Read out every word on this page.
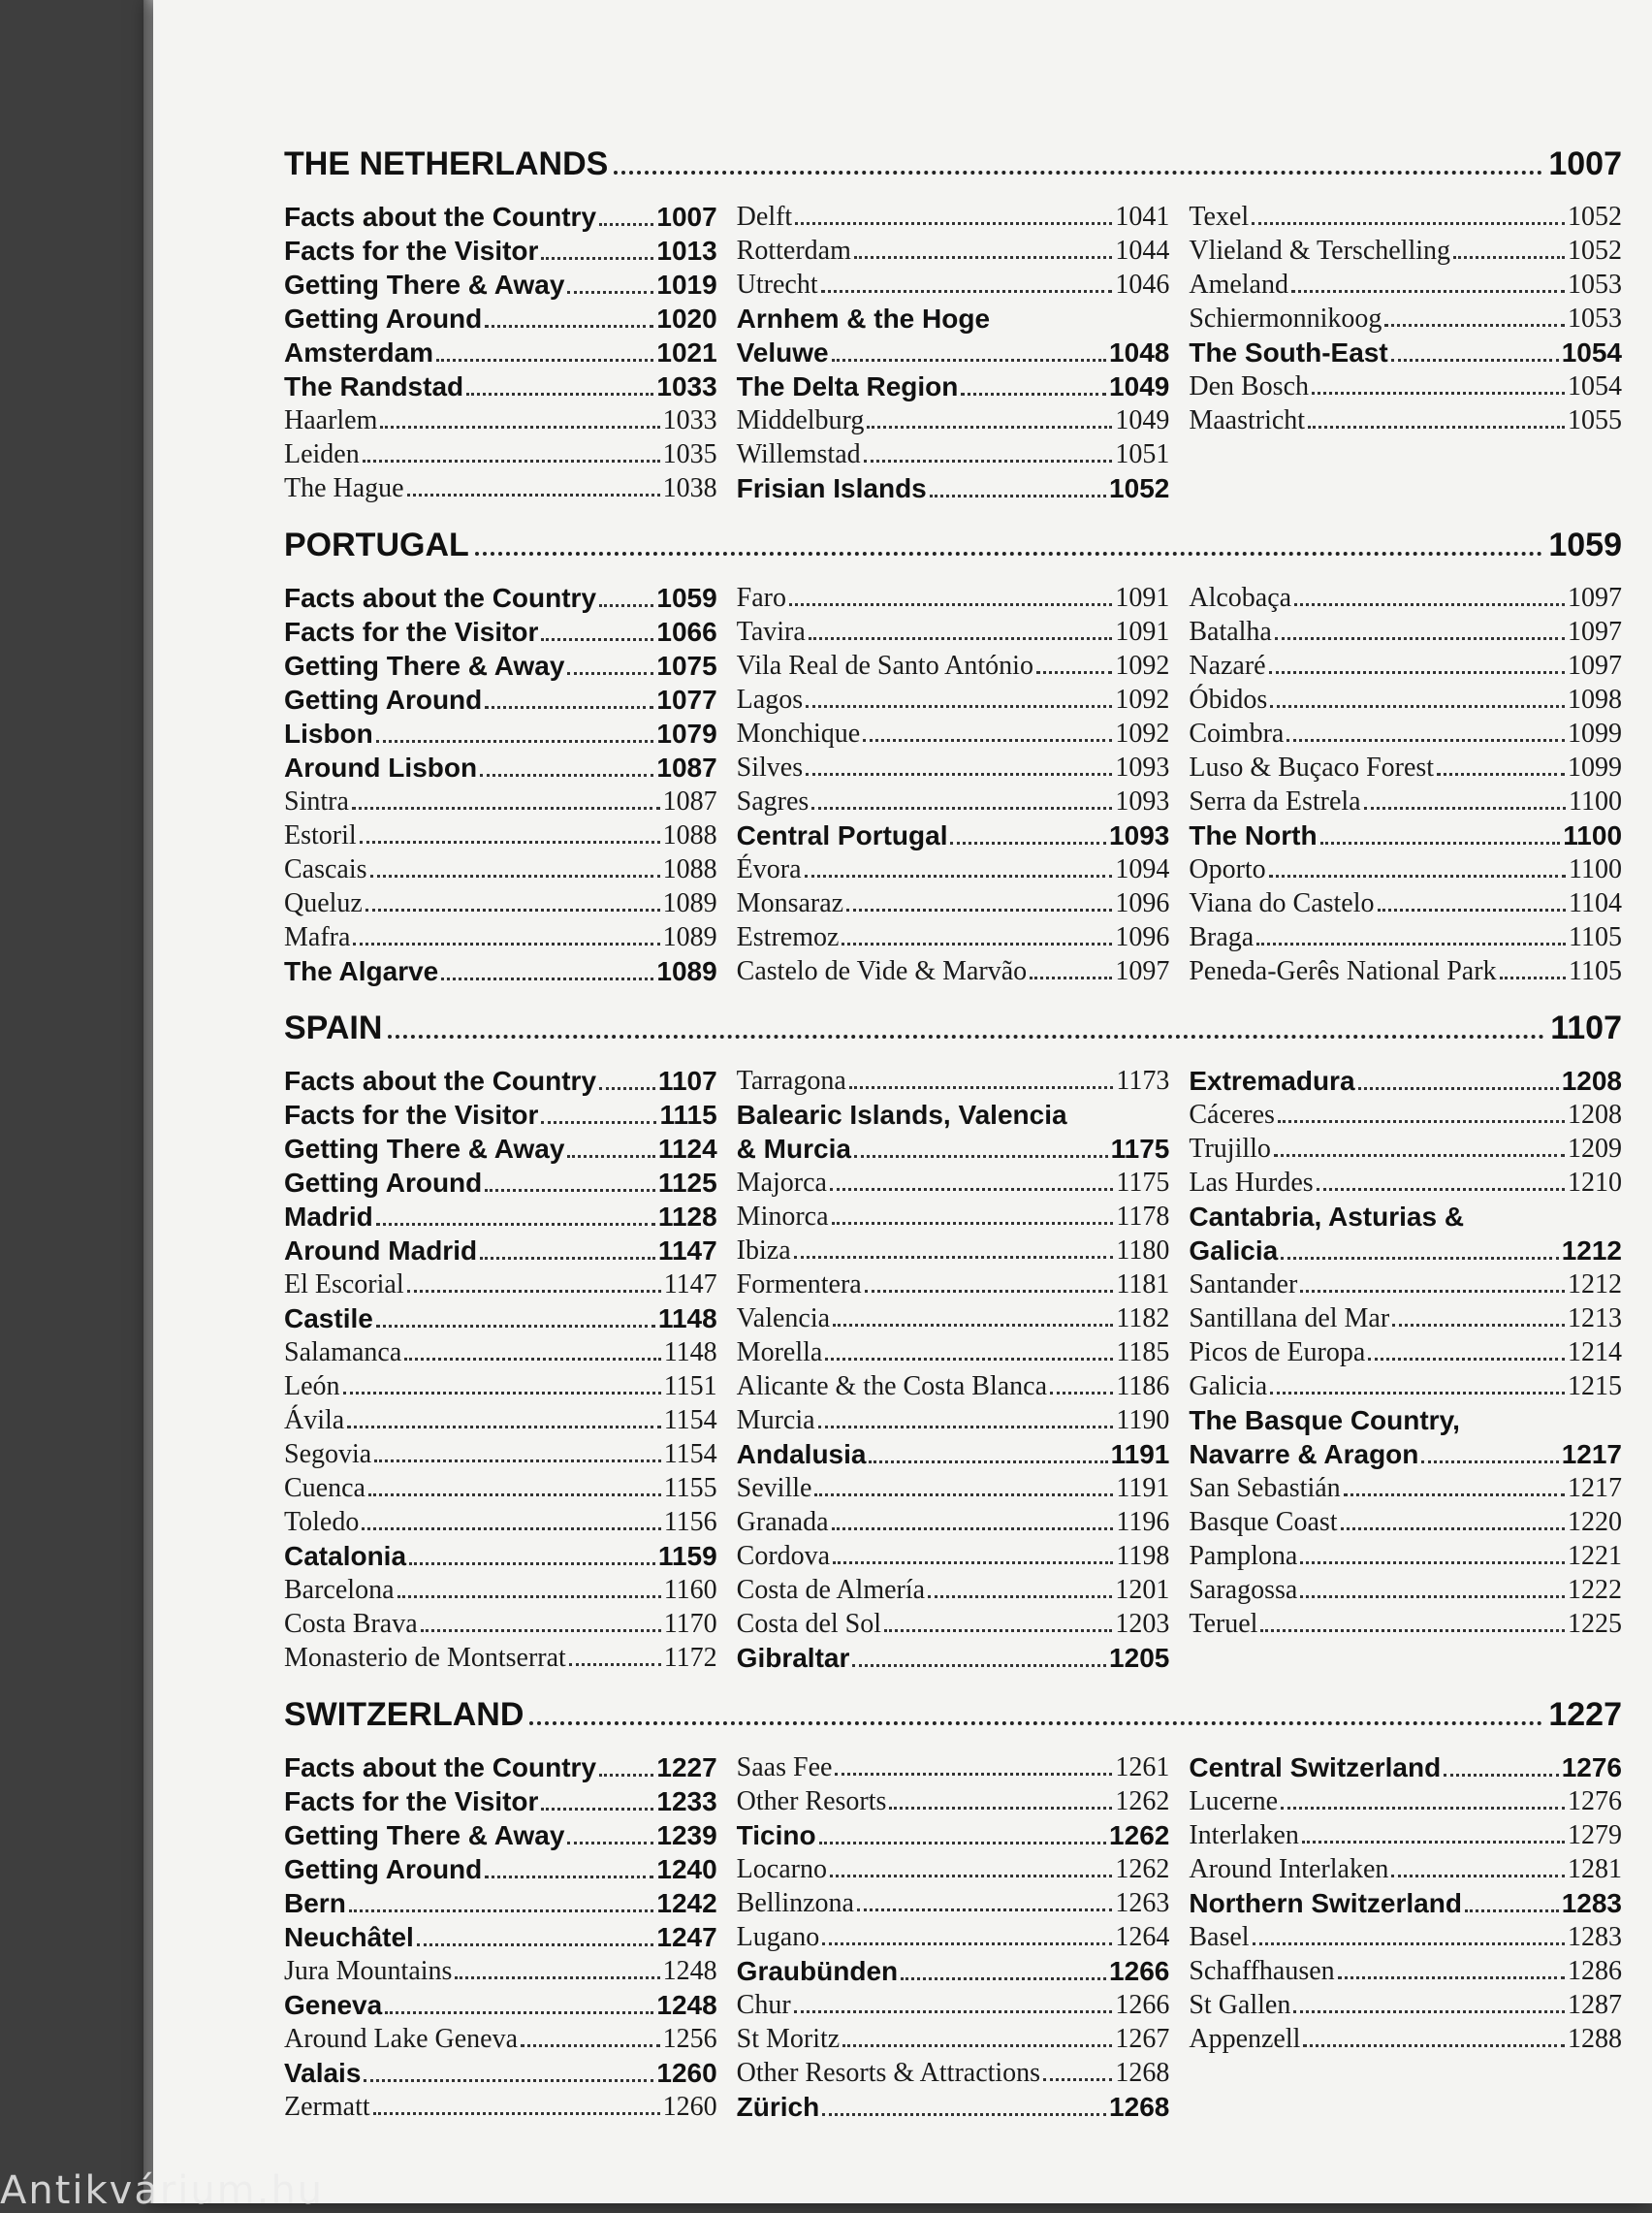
THE NETHERLANDS	1007
Facts about the Country 1007
Facts for the Visitor	1013
Getting There & Away	1019
Getting Around	1020
Amsterdam	1021
The Randstad	1033
Haarlem	1033
Leiden	1035
The Hague	1038
Delft	1041
Rotterdam	1044
Utrecht	1046
Arnhem & the Hoge
Veluwe	1048
The Delta Region	1049
Middelburg	1049
Willemstad	1051
Frisian Islands	1052
Texel	1052
Vlieland & Terschelling	1052
Ameland	1053
Schiermonnikoog	1053
The South-East	1054
Den Bosch	1054
Maastricht	1055
PORTUGAL	1059
Facts about the Country 1059
Facts for the Visitor	1066
Getting There & Away	1075
Getting Around	1077
Lisbon	1079
Around Lisbon	1087
Sintra	1087
Estoril	1088
Cascais	1088
Queluz	1089
Mafra	1089
The Algarve	1089
Faro	1091
Tavira	1091
Vila Real de Santo António	1092
Lagos	1092
Monchique	1092
Silves	1093
Sagres	1093
Central Portugal	1093
Évora	1094
Monsaraz	1096
Estremoz	1096
Castelo de Vide & Marvão	1097
Alcobaça	1097
Batalha	1097
Nazaré	1097
Óbidos	1098
Coimbra	1099
Luso & Buçaco Forest	1099
Serra da Estrela	1100
The North	1100
Oporto	1100
Viana do Castelo	1104
Braga	1105
Peneda-Gerês National Park	1105
SPAIN	1107
Facts about the Country 1107
Facts for the Visitor	1115
Getting There & Away	1124
Getting Around	1125
Madrid	1128
Around Madrid	1147
El Escorial	1147
Castile	1148
Salamanca	1148
León	1151
Ávila	1154
Segovia	1154
Cuenca	1155
Toledo	1156
Catalonia	1159
Barcelona	1160
Costa Brava	1170
Monasterio de Montserrat	1172
Tarragona	1173
Balearic Islands, Valencia
& Murcia	1175
Majorca	1175
Minorca	1178
Ibiza	1180
Formentera	1181
Valencia	1182
Morella	1185
Alicante & the Costa Blanca	1186
Murcia	1190
Andalusia	1191
Seville	1191
Granada	1196
Cordova	1198
Costa de Almería	1201
Costa del Sol	1203
Gibraltar	1205
Extremadura	1208
Cáceres	1208
Trujillo	1209
Las Hurdes	1210
Cantabria, Asturias &
Galicia	1212
Santander	1212
Santillana del Mar	1213
Picos de Europa	1214
Galicia	1215
The Basque Country,
Navarre & Aragon	1217
San Sebastián	1217
Basque Coast	1220
Pamplona	1221
Saragossa	1222
Teruel	1225
SWITZERLAND	1227
Facts about the Country 1227
Facts for the Visitor	1233
Getting There & Away	1239
Getting Around	1240
Bern	1242
Neuchâtel	1247
Jura Mountains	1248
Geneva	1248
Around Lake Geneva	1256
Valais	1260
Zermatt	1260
Saas Fee	1261
Other Resorts	1262
Ticino	1262
Locarno	1262
Bellinzona	1263
Lugano	1264
Graubünden	1266
Chur	1266
St Moritz	1267
Other Resorts & Attractions	1268
Zürich	1268
Central Switzerland	1276
Lucerne	1276
Interlaken	1279
Around Interlaken	1281
Northern Switzerland	1283
Basel	1283
Schaffhausen	1286
St Gallen	1287
Appenzell	1288
Antikvárium.hu
